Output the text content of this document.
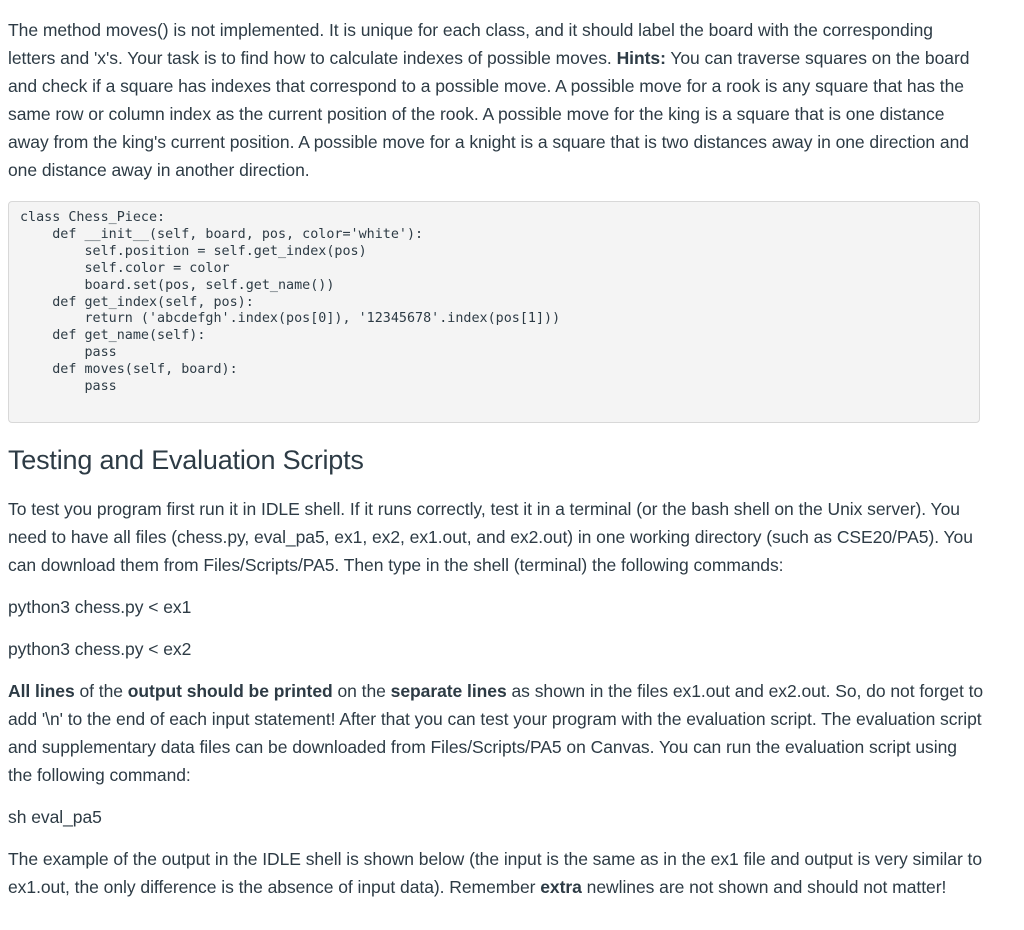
The method moves() is not implemented. It is unique for each class, and it should label the board with the corresponding letters and 'x's. Your task is to find how to calculate indexes of possible moves. Hints: You can traverse squares on the board and check if a square has indexes that correspond to a possible move. A possible move for a rook is any square that has the same row or column index as the current position of the rook. A possible move for the king is a square that is one distance away from the king's current position. A possible move for a knight is a square that is two distances away in one direction and one distance away in another direction.

class Chess_Piece:
def __init__(self, board, pos, color='white'):
self.position = self.get_index(pos)
self.color = color
board.set(pos, self.get_name())
def get_index(self, pos):
return ('abcdefgh'.index(pos[0]), '12345678'.index(pos[1]))
def get_name(self):
pass
def moves(self, board):
pass
Testing and Evaluation Scripts

To test you program first run it in IDLE shell. If it runs correctly, test it in a terminal (or the bash shell on the Unix server). You need to have all files (chess.py, eval_pa5, ex1, ex2, ex1.out, and ex2.out) in one working directory (such as CSE20/PA5). You can download them from Files/Scripts/PA5. Then type in the shell (terminal) the following commands:

python3 chess.py < ex1

python3 chess.py < ex2

All lines of the output should be printed on the separate lines as shown in the files ex1.out and ex2.out. So, do not forget to add '\n' to the end of each input statement! After that you can test your program with the evaluation script. The evaluation script and supplementary data files can be downloaded from Files/Scripts/PA5 on Canvas. You can run the evaluation script using the following command:

sh eval_pa5

The example of the output in the IDLE shell is shown below (the input is the same as in the ex1 file and output is very similar to ex1.out, the only difference is the absence of input data). Remember extra newlines are not shown and should not matter!
